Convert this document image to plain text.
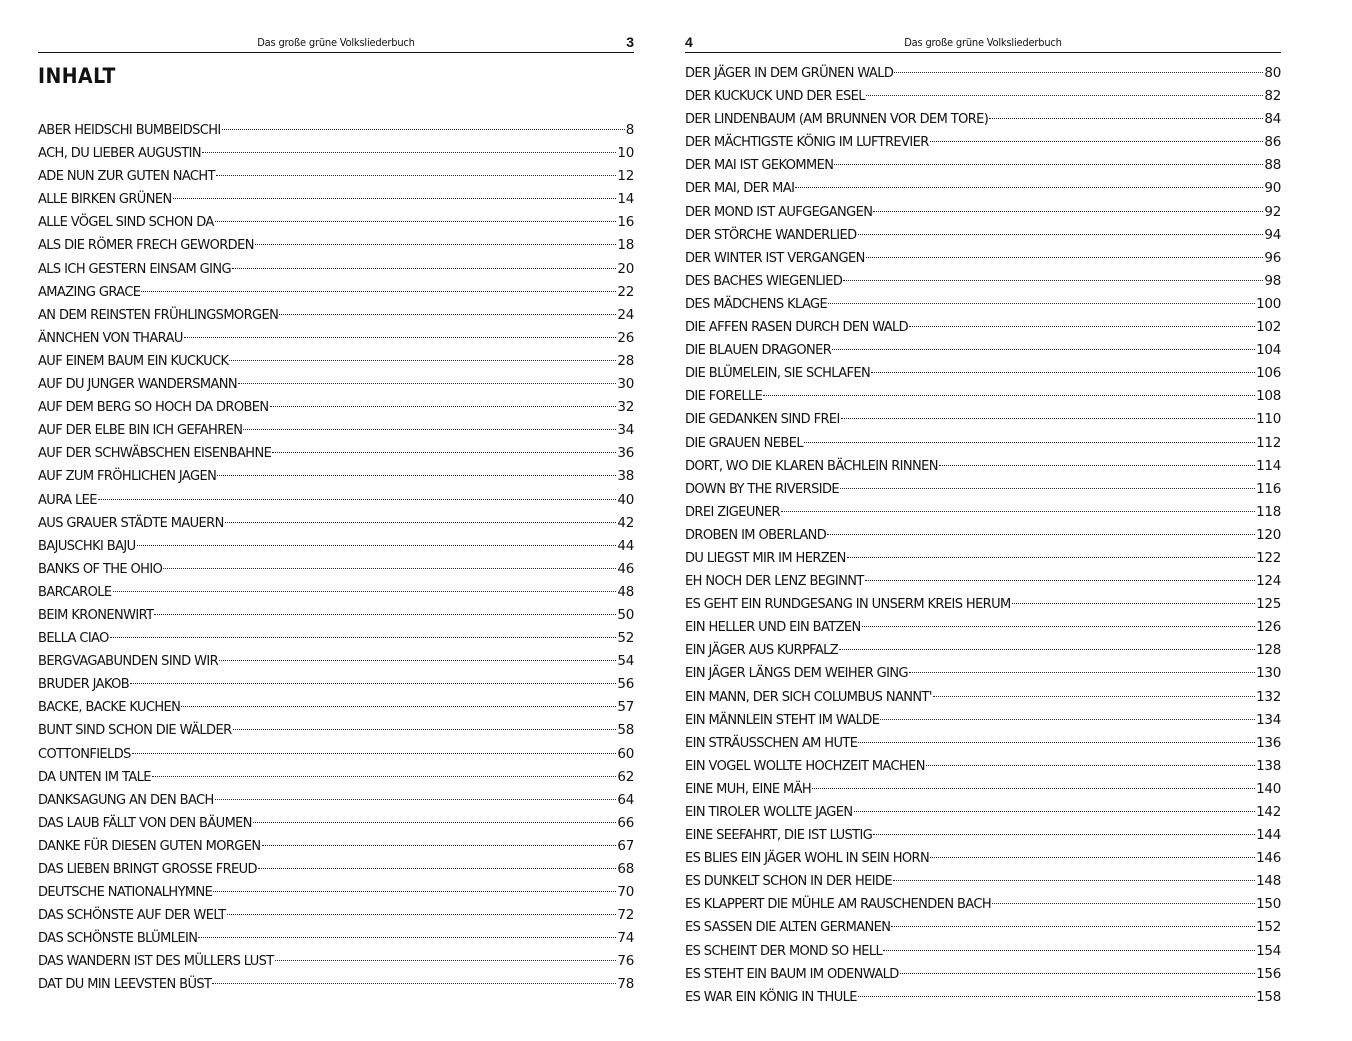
Das große grüne Volksliederbuch	3
INHALT
ABER HEIDSCHI BUMBEIDSCHI	8
ACH, DU LIEBER AUGUSTIN	10
ADE NUN ZUR GUTEN NACHT	12
ALLE BIRKEN GRÜNEN	14
ALLE VÖGEL SIND SCHON DA	16
ALS DIE RÖMER FRECH GEWORDEN	18
ALS ICH GESTERN EINSAM GING	20
AMAZING GRACE	22
AN DEM REINSTEN FRÜHLINGSMORGEN	24
ÄNNCHEN VON THARAU	26
AUF EINEM BAUM EIN KUCKUCK	28
AUF DU JUNGER WANDERSMANN	30
AUF DEM BERG SO HOCH DA DROBEN	32
AUF DER ELBE BIN ICH GEFAHREN	34
AUF DER SCHWÄBSCHEN EISENBAHNE	36
AUF ZUM FRÖHLICHEN JAGEN	38
AURA LEE	40
AUS GRAUER STÄDTE MAUERN	42
BAJUSCHKI BAJU	44
BANKS OF THE OHIO	46
BARCAROLE	48
BEIM KRONENWIRT	50
BELLA CIAO	52
BERGVAGABUNDEN SIND WIR	54
BRUDER JAKOB	56
BACKE, BACKE KUCHEN	57
BUNT SIND SCHON DIE WÄLDER	58
COTTONFIELDS	60
DA UNTEN IM TALE	62
DANKSAGUNG AN DEN BACH	64
DAS LAUB FÄLLT VON DEN BÄUMEN	66
DANKE FÜR DIESEN GUTEN MORGEN	67
DAS LIEBEN BRINGT GROSSE FREUD	68
DEUTSCHE NATIONALHYMNE	70
DAS SCHÖNSTE AUF DER WELT	72
DAS SCHÖNSTE BLÜMLEIN	74
DAS WANDERN IST DES MÜLLERS LUST	76
DAT DU MIN LEEVSTEN BÜST	78
4	Das große grüne Volksliederbuch
DER JÄGER IN DEM GRÜNEN WALD	80
DER KUCKUCK UND DER ESEL	82
DER LINDENBAUM (AM BRUNNEN VOR DEM TORE)	84
DER MÄCHTIGSTE KÖNIG IM LUFTREVIER	86
DER MAI IST GEKOMMEN	88
DER MAI, DER MAI	90
DER MOND IST AUFGEGANGEN	92
DER STÖRCHE WANDERLIED	94
DER WINTER IST VERGANGEN	96
DES BACHES WIEGENLIED	98
DES MÄDCHENS KLAGE	100
DIE AFFEN RASEN DURCH DEN WALD	102
DIE BLAUEN DRAGONER	104
DIE BLÜMELEIN, SIE SCHLAFEN	106
DIE FORELLE	108
DIE GEDANKEN SIND FREI	110
DIE GRAUEN NEBEL	112
DORT, WO DIE KLAREN BÄCHLEIN RINNEN	114
DOWN BY THE RIVERSIDE	116
DREI ZIGEUNER	118
DROBEN IM OBERLAND	120
DU LIEGST MIR IM HERZEN	122
EH NOCH DER LENZ BEGINNT	124
ES GEHT EIN RUNDGESANG IN UNSERM KREIS HERUM	125
EIN HELLER UND EIN BATZEN	126
EIN JÄGER AUS KURPFALZ	128
EIN JÄGER LÄNGS DEM WEIHER GING	130
EIN MANN, DER SICH COLUMBUS NANNT'	132
EIN MÄNNLEIN STEHT IM WALDE	134
EIN STRÄUSSCHEN AM HUTE	136
EIN VOGEL WOLLTE HOCHZEIT MACHEN	138
EINE MUH, EINE MÄH	140
EIN TIROLER WOLLTE JAGEN	142
EINE SEEFAHRT, DIE IST LUSTIG	144
ES BLIES EIN JÄGER WOHL IN SEIN HORN	146
ES DUNKELT SCHON IN DER HEIDE	148
ES KLAPPERT DIE MÜHLE AM RAUSCHENDEN BACH	150
ES SASSEN DIE ALTEN GERMANEN	152
ES SCHEINT DER MOND SO HELL	154
ES STEHT EIN BAUM IM ODENWALD	156
ES WAR EIN KÖNIG IN THULE	158
